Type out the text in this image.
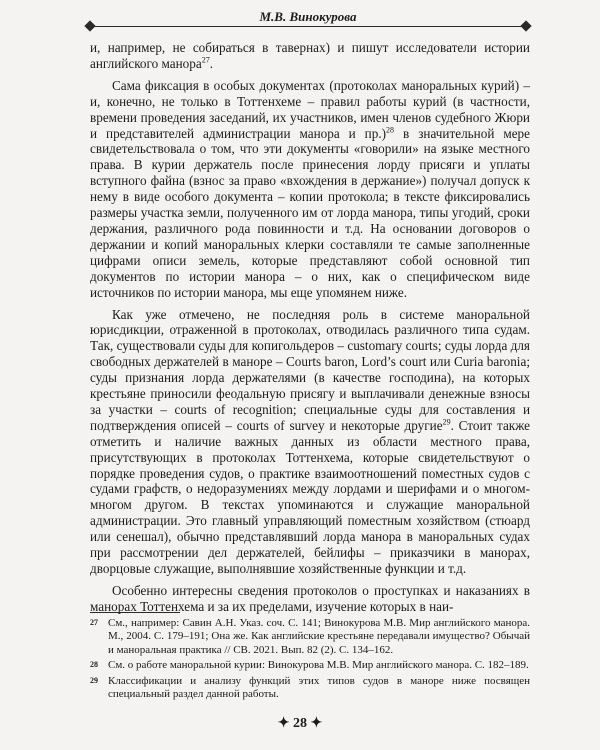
М.В. Винокурова

и, например, не собираться в тавернах) и пишут исследователи истории английского манора$^{27}$.

Сама фиксация в особых документах (протоколах маноральных курий) – и, конечно, не только в Тоттенхеме – правил работы курий (в частности, времени проведения заседаний, их участников, имен членов судебного Жюри и представителей администрации манора и пр.)$^{28}$ в значительной мере свидетельствовала о том, что эти документы «говорили» на языке местного права. В курии держатель после принесения лорду присяги и уплаты вступного файна (взнос за право «вхождения в держание») получал допуск к нему в виде особого документа – копии протокола; в тексте фиксировались размеры участка земли, полученного им от лорда манора, типы угодий, сроки держания, различного рода повинности и т.д. На основании договоров о держании и копий маноральных клерки составляли те самые заполненные цифрами описи земель, которые представляют собой основной тип документов по истории манора – о них, как о специфическом виде источников по истории манора, мы еще упомянем ниже.

Как уже отмечено, не последняя роль в системе маноральной юрисдикции, отраженной в протоколах, отводилась различного типа судам. Так, существовали суды для копигольдеров – customary courts; суды лорда для свободных держателей в маноре – Courts baron, Lord’s court или Curia baronia; суды признания лорда держателями (в качестве господина), на которых крестьяне приносили феодальную присягу и выплачивали денежные взносы за участки – courts of recognition; специальные суды для составления и подтверждения описей – courts of survey и некоторые другие$^{29}$. Стоит также отметить и наличие важных данных из области местного права, присутствующих в протоколах Тоттенхема, которые свидетельствуют о порядке проведения судов, о практике взаимоотношений поместных судов с судами графств, о недоразумениях между лордами и шерифами и о многом-многом другом. В текстах упоминаются и служащие маноральной администрации. Это главный управляющий поместным хозяйством (стюард или сенешал), обычно представлявший лорда манора в маноральных судах при рассмотрении дел держателей, бейлифы – приказчики в манорах, дворцовые служащие, выполнявшие хозяйственные функции и т.д.

Особенно интересны сведения протоколов о проступках и наказаниях в манорах Тоттенхема и за их пределами, изучение которых в наи-

27 См., например: Савин А.Н. Указ. соч. С. 141; Винокурова М.В. Мир английского манора. М., 2004. С. 179–191; Она же. Как английские крестьяне передавали имущество? Обычай и маноральная практика // СВ. 2021. Вып. 82 (2). С. 134–162.
28 См. о работе маноральной курии: Винокурова М.В. Мир английского манора. С. 182–189.
29 Классификации и анализу функций этих типов судов в маноре ниже посвящен специальный раздел данной работы.
✦ 28 ✦
